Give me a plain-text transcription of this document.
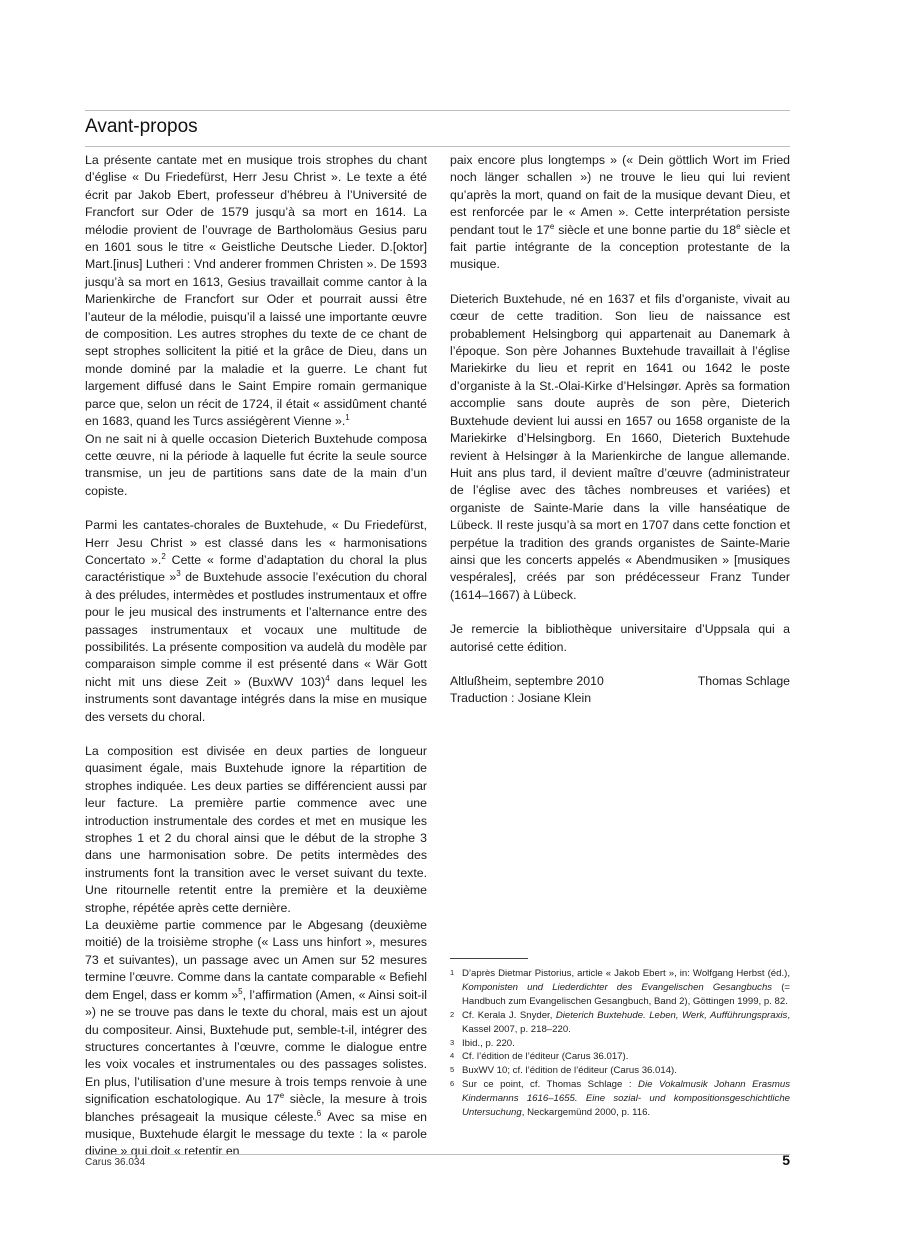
Avant-propos

La présente cantate met en musique trois strophes du chant d’église « Du Friedefürst, Herr Jesu Christ ». Le texte a été écrit par Jakob Ebert, professeur d’hébreu à l’Université de Francfort sur Oder de 1579 jusqu’à sa mort en 1614. La mélodie provient de l’ouvrage de Bartholomäus Gesius paru en 1601 sous le titre « Geistliche Deutsche Lieder. D.[oktor] Mart.[inus] Lutheri : Vnd anderer frommen Christen ». De 1593 jusqu’à sa mort en 1613, Gesius travaillait comme cantor à la Marienkirche de Francfort sur Oder et pourrait aussi être l’auteur de la mélodie, puisqu’il a laissé une importante œuvre de composition. Les autres strophes du texte de ce chant de sept strophes sollicitent la pitié et la grâce de Dieu, dans un monde dominé par la maladie et la guerre. Le chant fut largement diffusé dans le Saint Empire romain germanique parce que, selon un récit de 1724, il était « assidûment chanté en 1683, quand les Turcs assiégèrent Vienne ».$^1$

On ne sait ni à quelle occasion Dieterich Buxtehude composa cette œuvre, ni la période à laquelle fut écrite la seule source transmise, un jeu de partitions sans date de la main d’un copiste.

Parmi les cantates-chorales de Buxtehude, « Du Friedefürst, Herr Jesu Christ » est classé dans les « harmonisations Concertato ».$^2$ Cette « forme d’adaptation du choral la plus caractéristique »$^3$ de Buxtehude associe l’exécution du choral à des préludes, intermèdes et postludes instrumentaux et offre pour le jeu musical des instruments et l’alternance entre des passages instrumentaux et vocaux une multitude de possibilités. La présente composition va audelà du modèle par comparaison simple comme il est présenté dans « Wär Gott nicht mit uns diese Zeit » (BuxWV 103)$^4$ dans lequel les instruments sont davantage intégrés dans la mise en musique des versets du choral.

La composition est divisée en deux parties de longueur quasiment égale, mais Buxtehude ignore la répartition de strophes indiquée. Les deux parties se différencient aussi par leur facture. La première partie commence avec une introduction instrumentale des cordes et met en musique les strophes 1 et 2 du choral ainsi que le début de la strophe 3 dans une harmonisation sobre. De petits intermèdes des instruments font la transition avec le verset suivant du texte. Une ritournelle retentit entre la première et la deuxième strophe, répétée après cette dernière.

La deuxième partie commence par le Abgesang (deuxième moitié) de la troisième strophe (« Lass uns hinfort », mesures 73 et suivantes), un passage avec un Amen sur 52 mesures termine l’œuvre. Comme dans la cantate comparable « Befiehl dem Engel, dass er komm »$^5$, l’affirmation (Amen, « Ainsi soit-il ») ne se trouve pas dans le texte du choral, mais est un ajout du compositeur. Ainsi, Buxtehude put, semble-t-il, intégrer des structures concertantes à l’œuvre, comme le dialogue entre les voix vocales et instrumentales ou des passages solistes. En plus, l’utilisation d’une mesure à trois temps renvoie à une signification eschatologique. Au 17e siècle, la mesure à trois blanches présageait la musique céleste.$^6$ Avec sa mise en musique, Buxtehude élargit le message du texte : la « parole divine » qui doit « retentir en

paix encore plus longtemps » (« Dein göttlich Wort im Fried noch länger schallen ») ne trouve le lieu qui lui revient qu’après la mort, quand on fait de la musique devant Dieu, et est renforcée par le « Amen ». Cette interprétation persiste pendant tout le 17e siècle et une bonne partie du 18e siècle et fait partie intégrante de la conception protestante de la musique.

Dieterich Buxtehude, né en 1637 et fils d’organiste, vivait au cœur de cette tradition. Son lieu de naissance est probablement Helsingborg qui appartenait au Danemark à l’époque. Son père Johannes Buxtehude travaillait à l’église Mariekirke du lieu et reprit en 1641 ou 1642 le poste d’organiste à la St.-Olai-Kirke d’Helsingør. Après sa formation accomplie sans doute auprès de son père, Dieterich Buxtehude devient lui aussi en 1657 ou 1658 organiste de la Mariekirke d’Helsingborg. En 1660, Dieterich Buxtehude revient à Helsingør à la Marienkirche de langue allemande. Huit ans plus tard, il devient maître d’œuvre (administrateur de l’église avec des tâches nombreuses et variées) et organiste de Sainte-Marie dans la ville hanséatique de Lübeck. Il reste jusqu’à sa mort en 1707 dans cette fonction et perpétue la tradition des grands organistes de Sainte-Marie ainsi que les concerts appelés « Abendmusiken » [musiques vespérales], créés par son prédécesseur Franz Tunder (1614–1667) à Lübeck.

Je remercie la bibliothèque universitaire d’Uppsala qui a autorisé cette édition.

Altlußheim, septembre 2010	Thomas Schlage

Traduction : Josiane Klein

1 D’après Dietmar Pistorius, article « Jakob Ebert », in: Wolfgang Herbst (éd.), Komponisten und Liederdichter des Evangelischen Gesangbuchs (= Handbuch zum Evangelischen Gesangbuch, Band 2), Göttingen 1999, p. 82.
2 Cf. Kerala J. Snyder, Dieterich Buxtehude. Leben, Werk, Aufführungspraxis, Kassel 2007, p. 218–220.
3 Ibid., p. 220.
4 Cf. l’édition de l’éditeur (Carus 36.017).
5 BuxWV 10; cf. l’édition de l’éditeur (Carus 36.014).
6 Sur ce point, cf. Thomas Schlage : Die Vokalmusik Johann Erasmus Kindermanns 1616–1655. Eine sozial- und kompositionsgeschichtliche Untersuchung, Neckargemünd 2000, p. 116.
Carus 36.034	5
